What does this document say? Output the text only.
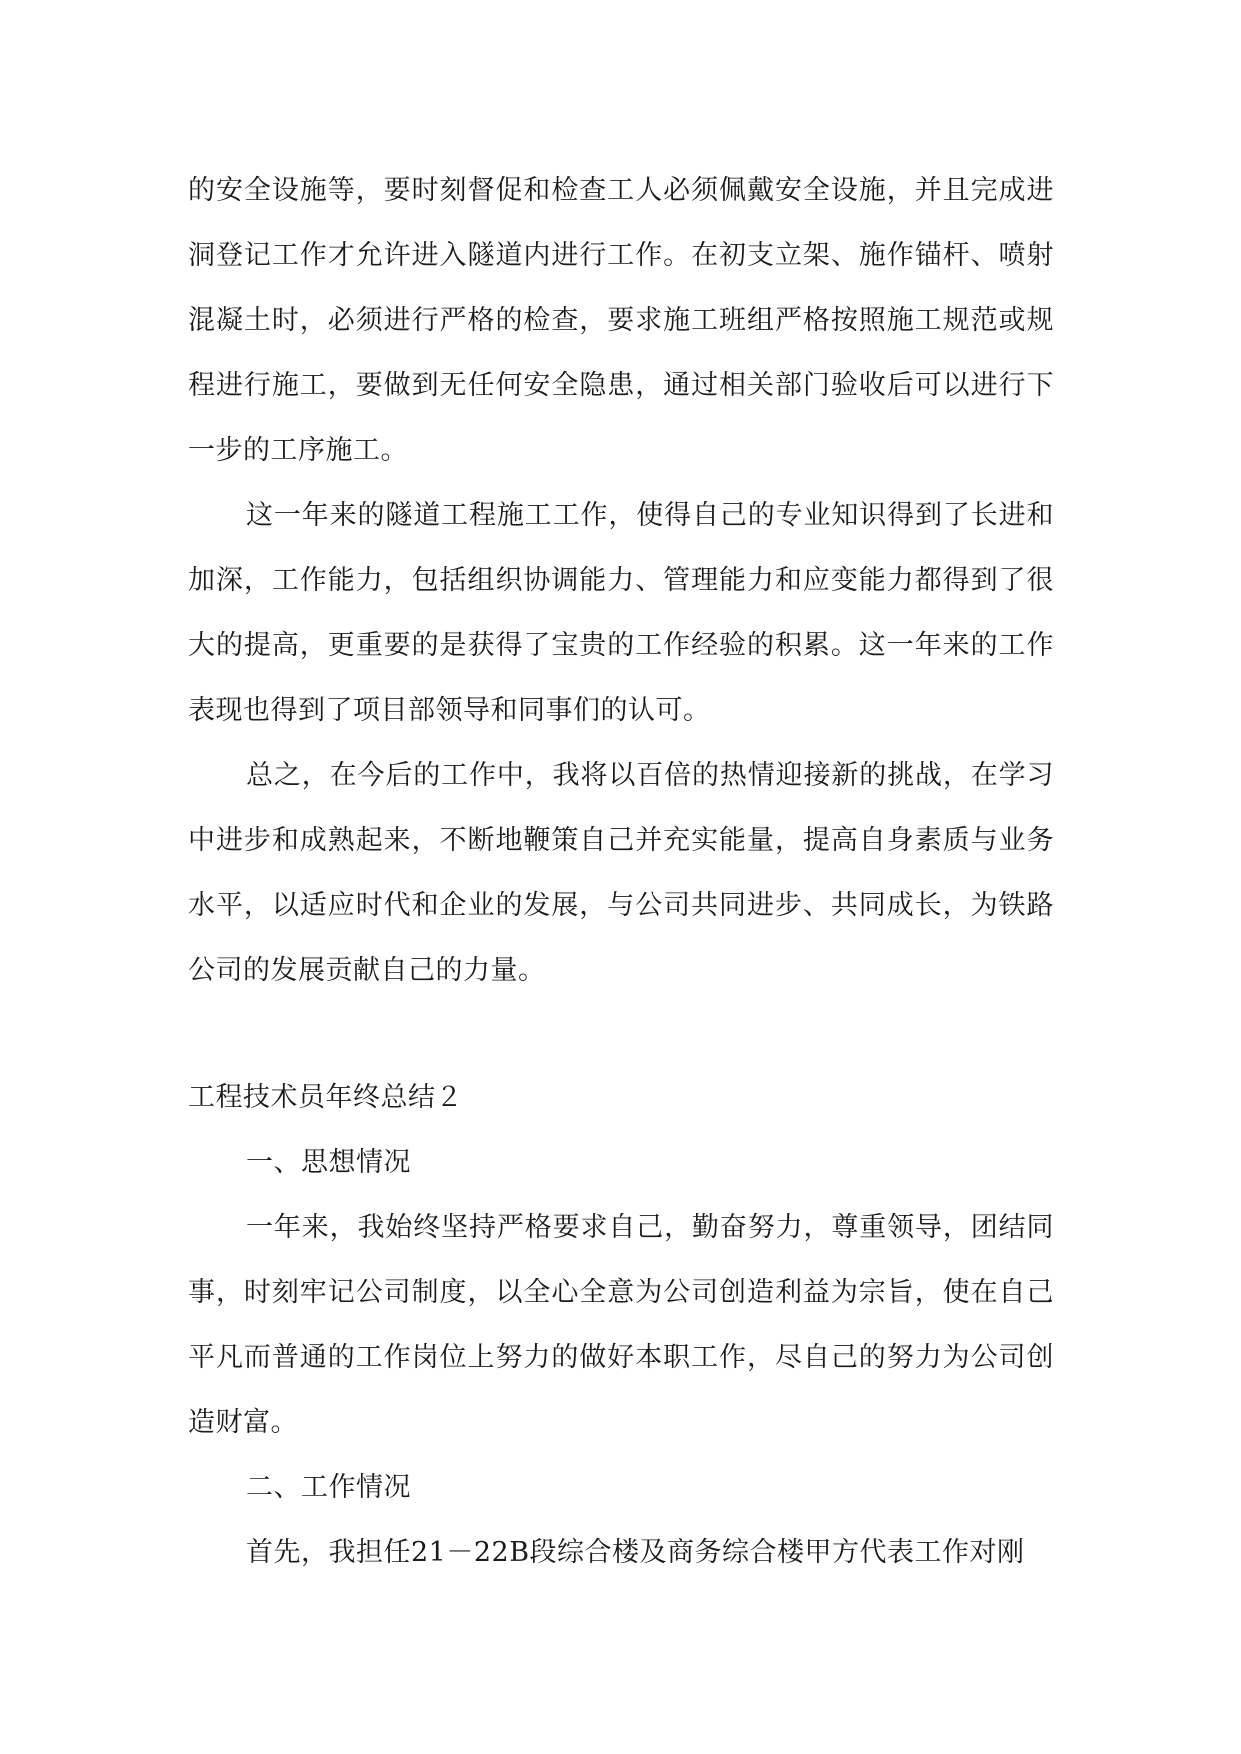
的安全设施等，要时刻督促和检查工人必须佩戴安全设施，并且完成进洞登记工作才允许进入隧道内进行工作。在初支立架、施作锚杆、喷射混凝土时，必须进行严格的检查，要求施工班组严格按照施工规范或规程进行施工，要做到无任何安全隐患，通过相关部门验收后可以进行下一步的工序施工。

这一年来的隧道工程施工工作，使得自己的专业知识得到了长进和加深，工作能力，包括组织协调能力、管理能力和应变能力都得到了很大的提高，更重要的是获得了宝贵的工作经验的积累。这一年来的工作表现也得到了项目部领导和同事们的认可。

总之，在今后的工作中，我将以百倍的热情迎接新的挑战，在学习中进步和成熟起来，不断地鞭策自己并充实能量，提高自身素质与业务水平，以适应时代和企业的发展，与公司共同进步、共同成长，为铁路公司的发展贡献自己的力量。

工程技术员年终总结２

一、思想情况

一年来，我始终坚持严格要求自己，勤奋努力，尊重领导，团结同事，时刻牢记公司制度，以全心全意为公司创造利益为宗旨，使在自己平凡而普通的工作岗位上努力的做好本职工作，尽自己的努力为公司创造财富。

二、工作情况

首先，我担任21－22B段综合楼及商务综合楼甲方代表工作对刚
